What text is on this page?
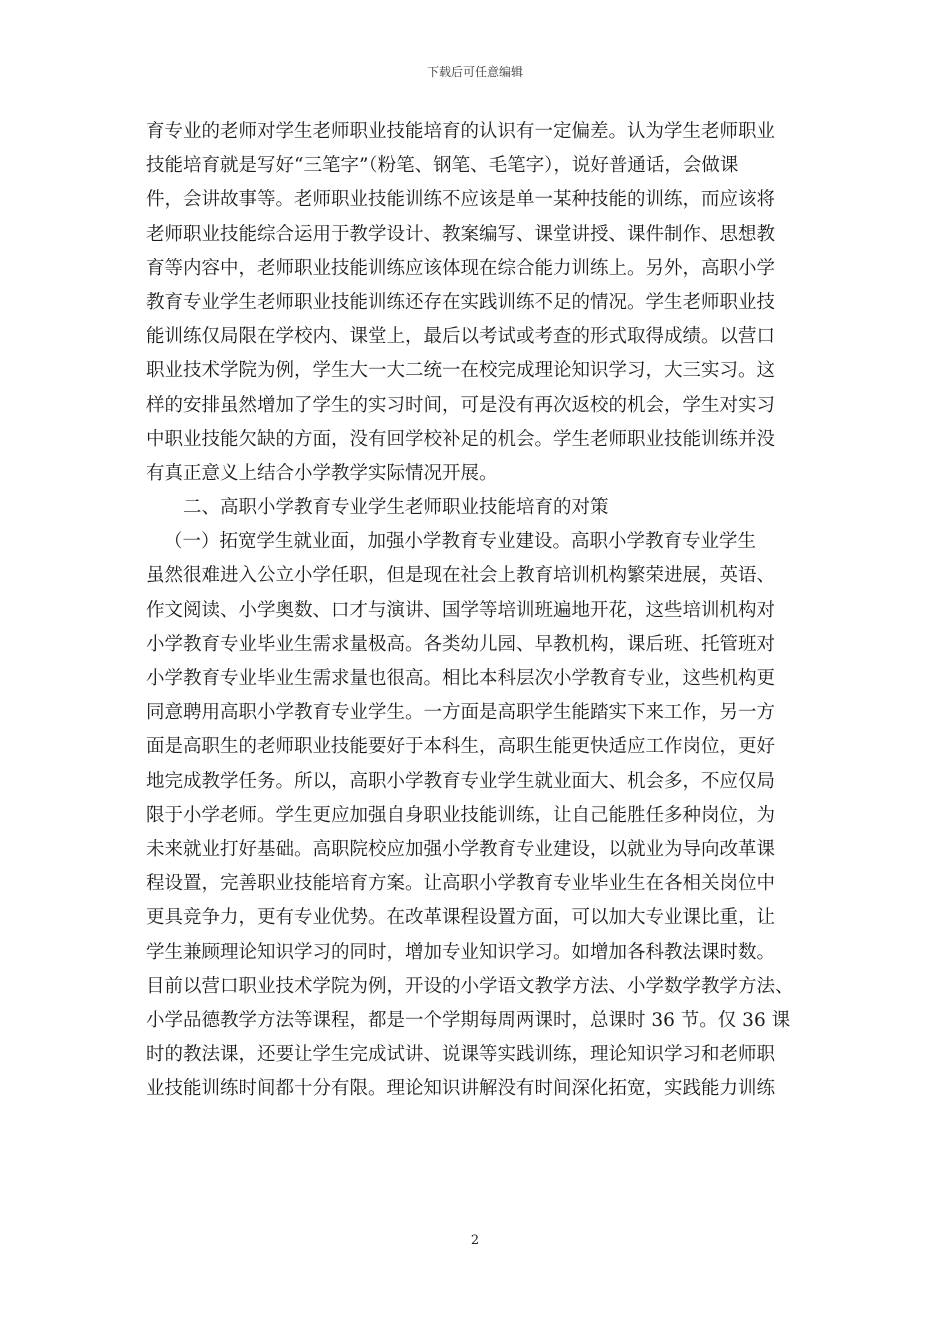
下载后可任意编辑
育专业的老师对学生老师职业技能培育的认识有一定偏差。认为学生老师职业
技能培育就是写好“三笔字”（粉笔、钢笔、毛笔字），说好普通话，会做课
件，会讲故事等。老师职业技能训练不应该是单一某种技能的训练，而应该将
老师职业技能综合运用于教学设计、教案编写、课堂讲授、课件制作、思想教
育等内容中，老师职业技能训练应该体现在综合能力训练上。另外，高职小学
教育专业学生老师职业技能训练还存在实践训练不足的情况。学生老师职业技
能训练仅局限在学校内、课堂上，最后以考试或考查的形式取得成绩。以营口
职业技术学院为例，学生大一大二统一在校完成理论知识学习，大三实习。这
样的安排虽然增加了学生的实习时间，可是没有再次返校的机会，学生对实习
中职业技能欠缺的方面，没有回学校补足的机会。学生老师职业技能训练并没
有真正意义上结合小学教学实际情况开展。
二、高职小学教育专业学生老师职业技能培育的对策
（一）拓宽学生就业面，加强小学教育专业建设。高职小学教育专业学生
虽然很难进入公立小学任职，但是现在社会上教育培训机构繁荣进展，英语、
作文阅读、小学奥数、口才与演讲、国学等培训班遍地开花，这些培训机构对
小学教育专业毕业生需求量极高。各类幼儿园、早教机构，课后班、托管班对
小学教育专业毕业生需求量也很高。相比本科层次小学教育专业，这些机构更
同意聘用高职小学教育专业学生。一方面是高职学生能踏实下来工作，另一方
面是高职生的老师职业技能要好于本科生，高职生能更快适应工作岗位，更好
地完成教学任务。所以，高职小学教育专业学生就业面大、机会多，不应仅局
限于小学老师。学生更应加强自身职业技能训练，让自己能胜任多种岗位，为
未来就业打好基础。高职院校应加强小学教育专业建设，以就业为导向改革课
程设置，完善职业技能培育方案。让高职小学教育专业毕业生在各相关岗位中
更具竞争力，更有专业优势。在改革课程设置方面，可以加大专业课比重，让
学生兼顾理论知识学习的同时，增加专业知识学习。如增加各科教法课时数。
目前以营口职业技术学院为例，开设的小学语文教学方法、小学数学教学方法、
小学品德教学方法等课程，都是一个学期每周两课时，总课时 36 节。仅 36 课
时的教法课，还要让学生完成试讲、说课等实践训练，理论知识学习和老师职
业技能训练时间都十分有限。理论知识讲解没有时间深化拓宽，实践能力训练
2
